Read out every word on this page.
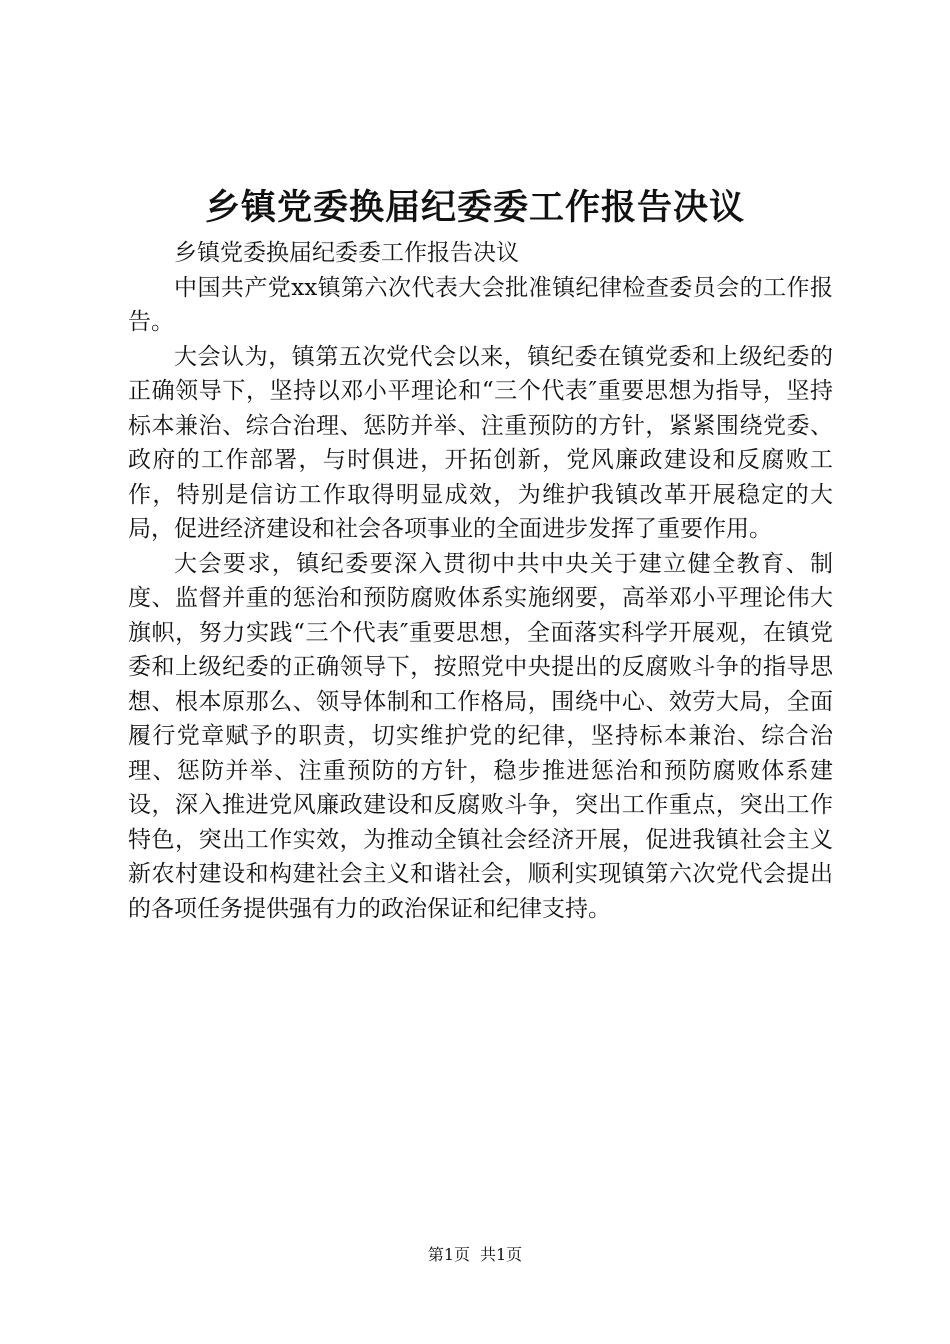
乡镇党委换届纪委委工作报告决议

乡镇党委换届纪委委工作报告决议

中国共产党xx镇第六次代表大会批准镇纪律检查委员会的工作报告。

大会认为，镇第五次党代会以来，镇纪委在镇党委和上级纪委的正确领导下，坚持以邓小平理论和“三个代表″重要思想为指导，坚持标本兼治、综合治理、惩防并举、注重预防的方针，紧紧围绕党委、政府的工作部署，与时俱进，开拓创新，党风廉政建设和反腐败工作，特别是信访工作取得明显成效，为维护我镇改革开展稳定的大局，促进经济建设和社会各项事业的全面进步发挥了重要作用。

大会要求，镇纪委要深入贯彻中共中央关于建立健全教育、制度、监督并重的惩治和预防腐败体系实施纲要，高举邓小平理论伟大旗帜，努力实践“三个代表″重要思想，全面落实科学开展观，在镇党委和上级纪委的正确领导下，按照党中央提出的反腐败斗争的指导思想、根本原那么、领导体制和工作格局，围绕中心、效劳大局，全面履行党章赋予的职责，切实维护党的纪律，坚持标本兼治、综合治理、惩防并举、注重预防的方针，稳步推进惩治和预防腐败体系建设，深入推进党风廉政建设和反腐败斗争，突出工作重点，突出工作特色，突出工作实效，为推动全镇社会经济开展，促进我镇社会主义新农村建设和构建社会主义和谐社会，顺利实现镇第六次党代会提出的各项任务提供强有力的政治保证和纪律支持。

第1页 共1页
